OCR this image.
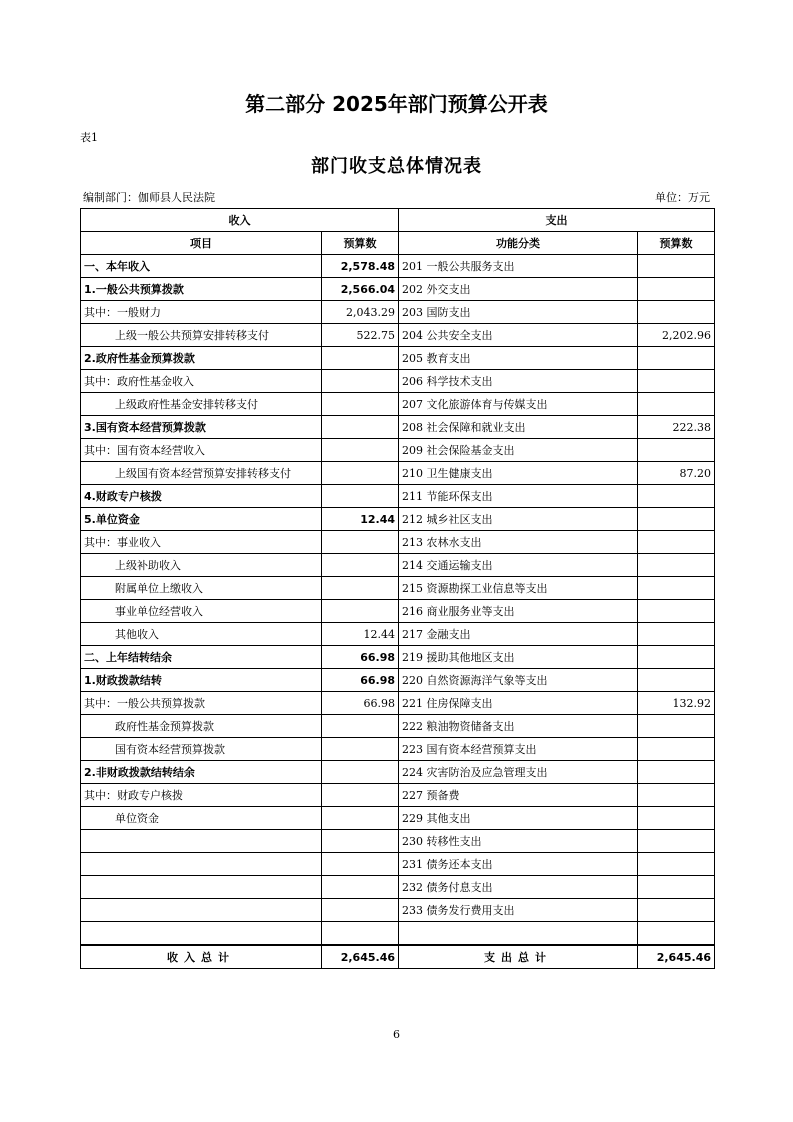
第二部分 2025年部门预算公开表
表1
部门收支总体情况表
编制部门：伽师县人民法院	单位：万元
收入		支出	
项目	预算数	功能分类	预算数
一、本年收入	2,578.48	201 一般公共服务支出	
1.一般公共预算拨款	2,566.04	202 外交支出	
其中：一般财力	2,043.29	203 国防支出	
上级一般公共预算安排转移支付	522.75	204 公共安全支出	2,202.96
2.政府性基金预算拨款		205 教育支出	
其中：政府性基金收入		206 科学技术支出	
上级政府性基金安排转移支付		207 文化旅游体育与传媒支出	
3.国有资本经营预算拨款		208 社会保障和就业支出	222.38
其中：国有资本经营收入		209 社会保险基金支出	
上级国有资本经营预算安排转移支付		210 卫生健康支出	87.20
4.财政专户核拨		211 节能环保支出	
5.单位资金	12.44	212 城乡社区支出	
其中：事业收入		213 农林水支出	
上级补助收入		214 交通运输支出	
附属单位上缴收入		215 资源勘探工业信息等支出	
事业单位经营收入		216 商业服务业等支出	
其他收入	12.44	217 金融支出	
二、上年结转结余	66.98	219 援助其他地区支出	
1.财政拨款结转	66.98	220 自然资源海洋气象等支出	
其中：一般公共预算拨款	66.98	221 住房保障支出	132.92
政府性基金预算拨款		222 粮油物资储备支出	
国有资本经营预算拨款		223 国有资本经营预算支出	
2.非财政拨款结转结余		224 灾害防治及应急管理支出	
其中：财政专户核拨		227 预备费	
单位资金		229 其他支出	
		230 转移性支出	
		231 债务还本支出	
		232 债务付息支出	
		233 债务发行费用支出	

收入总计	2,645.46	支出总计	2,645.46
6
